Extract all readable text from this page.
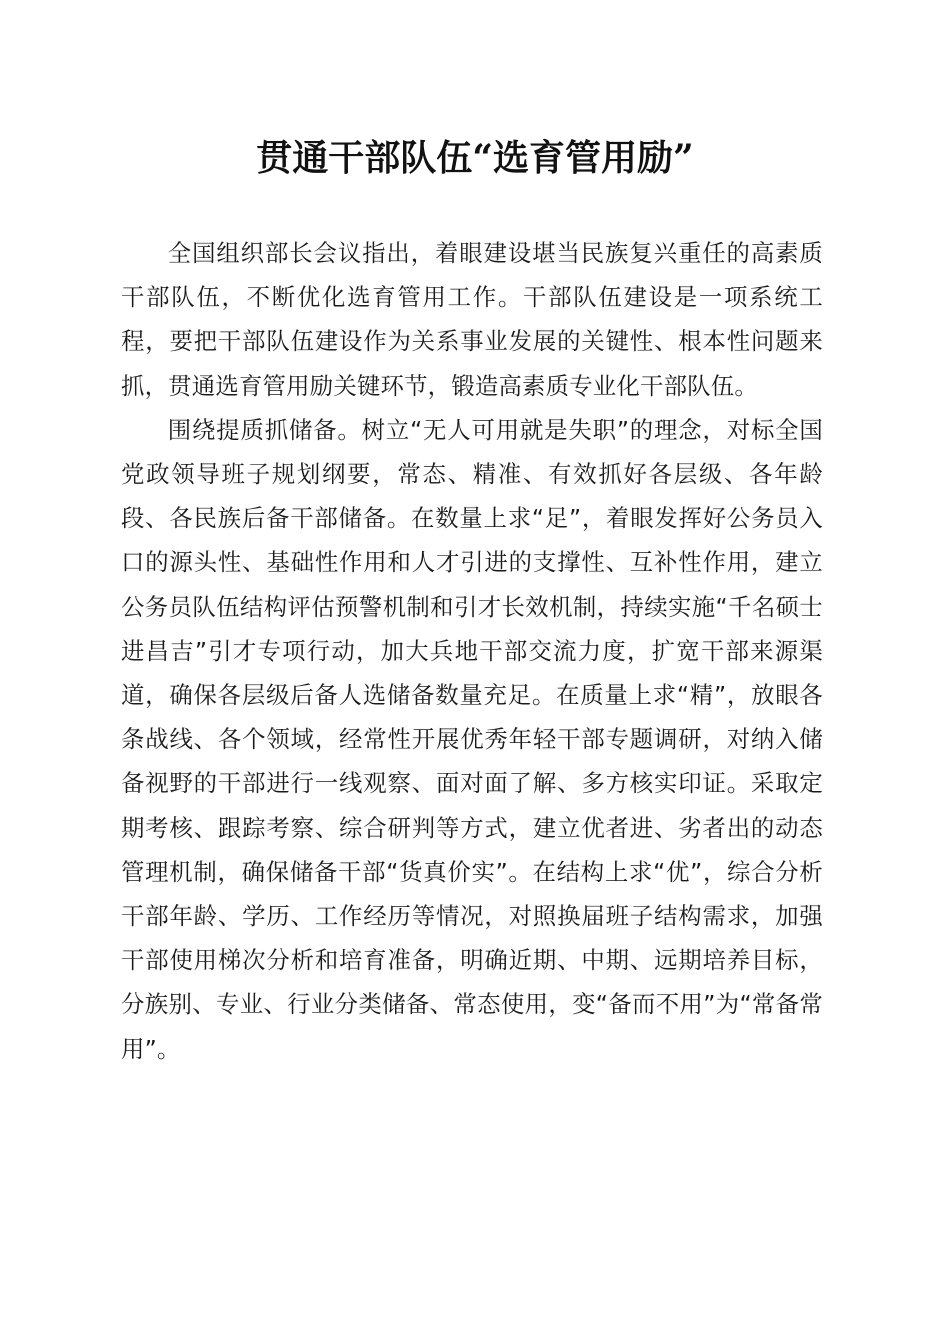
贯通干部队伍“选育管用励”

全国组织部长会议指出，着眼建设堪当民族复兴重任的高素质干部队伍，不断优化选育管用工作。干部队伍建设是一项系统工程，要把干部队伍建设作为关系事业发展的关键性、根本性问题来抓，贯通选育管用励关键环节，锻造高素质专业化干部队伍。

围绕提质抓储备。树立“无人可用就是失职”的理念，对标全国党政领导班子规划纲要，常态、精准、有效抓好各层级、各年龄段、各民族后备干部储备。在数量上求“足”，着眼发挥好公务员入口的源头性、基础性作用和人才引进的支撑性、互补性作用，建立公务员队伍结构评估预警机制和引才长效机制，持续实施“千名硕士进昌吉”引才专项行动，加大兵地干部交流力度，扩宽干部来源渠道，确保各层级后备人选储备数量充足。在质量上求“精”，放眼各条战线、各个领域，经常性开展优秀年轻干部专题调研，对纳入储备视野的干部进行一线观察、面对面了解、多方核实印证。采取定期考核、跟踪考察、综合研判等方式，建立优者进、劣者出的动态管理机制，确保储备干部“货真价实”。在结构上求“优”，综合分析干部年龄、学历、工作经历等情况，对照换届班子结构需求，加强干部使用梯次分析和培育准备，明确近期、中期、远期培养目标，分族别、专业、行业分类储备、常态使用，变“备而不用”为“常备常用”。
